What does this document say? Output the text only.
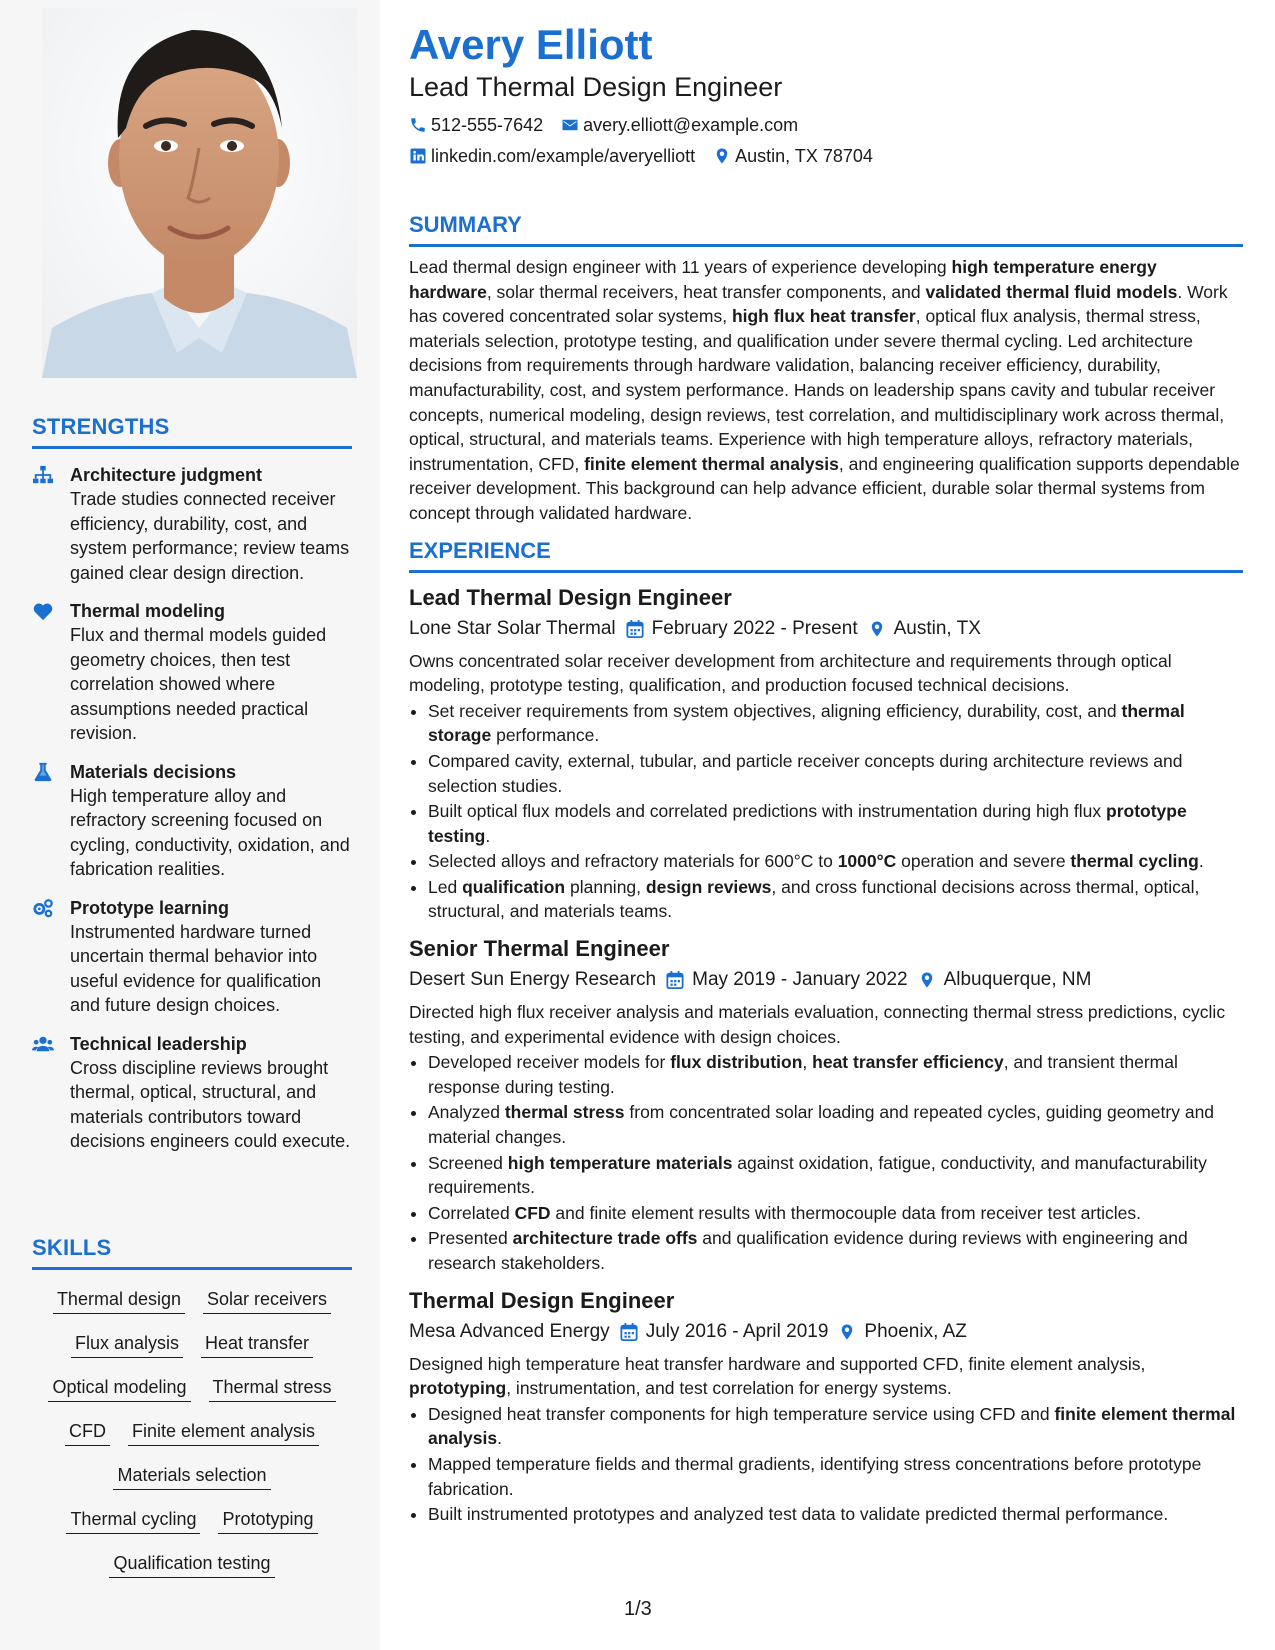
STRENGTHS
Architecture judgment
Trade studies connected receiver efficiency, durability, cost, and system performance; review teams gained clear design direction.
Thermal modeling
Flux and thermal models guided geometry choices, then test correlation showed where assumptions needed practical revision.
Materials decisions
High temperature alloy and refractory screening focused on cycling, conductivity, oxidation, and fabrication realities.
Prototype learning
Instrumented hardware turned uncertain thermal behavior into useful evidence for qualification and future design choices.
Technical leadership
Cross discipline reviews brought thermal, optical, structural, and materials contributors toward decisions engineers could execute.
SKILLS
Thermal design Solar receivers
Flux analysis Heat transfer
Optical modeling Thermal stress
CFD Finite element analysis
Materials selection
Thermal cycling Prototyping
Qualification testing
Avery Elliott
Lead Thermal Design Engineer
512-555-7642 avery.elliott@example.com
linkedin.com/example/averyelliott Austin, TX 78704
SUMMARY
Lead thermal design engineer with 11 years of experience developing high temperature energy hardware, solar thermal receivers, heat transfer components, and validated thermal fluid models. Work has covered concentrated solar systems, high flux heat transfer, optical flux analysis, thermal stress, materials selection, prototype testing, and qualification under severe thermal cycling. Led architecture decisions from requirements through hardware validation, balancing receiver efficiency, durability, manufacturability, cost, and system performance. Hands on leadership spans cavity and tubular receiver concepts, numerical modeling, design reviews, test correlation, and multidisciplinary work across thermal, optical, structural, and materials teams. Experience with high temperature alloys, refractory materials, instrumentation, CFD, finite element thermal analysis, and engineering qualification supports dependable receiver development. This background can help advance efficient, durable solar thermal systems from concept through validated hardware.
EXPERIENCE
Lead Thermal Design Engineer
Lone Star Solar Thermal February 2022 - Present Austin, TX
Owns concentrated solar receiver development from architecture and requirements through optical modeling, prototype testing, qualification, and production focused technical decisions.
• Set receiver requirements from system objectives, aligning efficiency, durability, cost, and thermal storage performance.
• Compared cavity, external, tubular, and particle receiver concepts during architecture reviews and selection studies.
• Built optical flux models and correlated predictions with instrumentation during high flux prototype testing.
• Selected alloys and refractory materials for 600°C to 1000°C operation and severe thermal cycling.
• Led qualification planning, design reviews, and cross functional decisions across thermal, optical, structural, and materials teams.
Senior Thermal Engineer
Desert Sun Energy Research May 2019 - January 2022 Albuquerque, NM
Directed high flux receiver analysis and materials evaluation, connecting thermal stress predictions, cyclic testing, and experimental evidence with design choices.
• Developed receiver models for flux distribution, heat transfer efficiency, and transient thermal response during testing.
• Analyzed thermal stress from concentrated solar loading and repeated cycles, guiding geometry and material changes.
• Screened high temperature materials against oxidation, fatigue, conductivity, and manufacturability requirements.
• Correlated CFD and finite element results with thermocouple data from receiver test articles.
• Presented architecture trade offs and qualification evidence during reviews with engineering and research stakeholders.
Thermal Design Engineer
Mesa Advanced Energy July 2016 - April 2019 Phoenix, AZ
Designed high temperature heat transfer hardware and supported CFD, finite element analysis, prototyping, instrumentation, and test correlation for energy systems.
• Designed heat transfer components for high temperature service using CFD and finite element thermal analysis.
• Mapped temperature fields and thermal gradients, identifying stress concentrations before prototype fabrication.
• Built instrumented prototypes and analyzed test data to validate predicted thermal performance.
1/3
